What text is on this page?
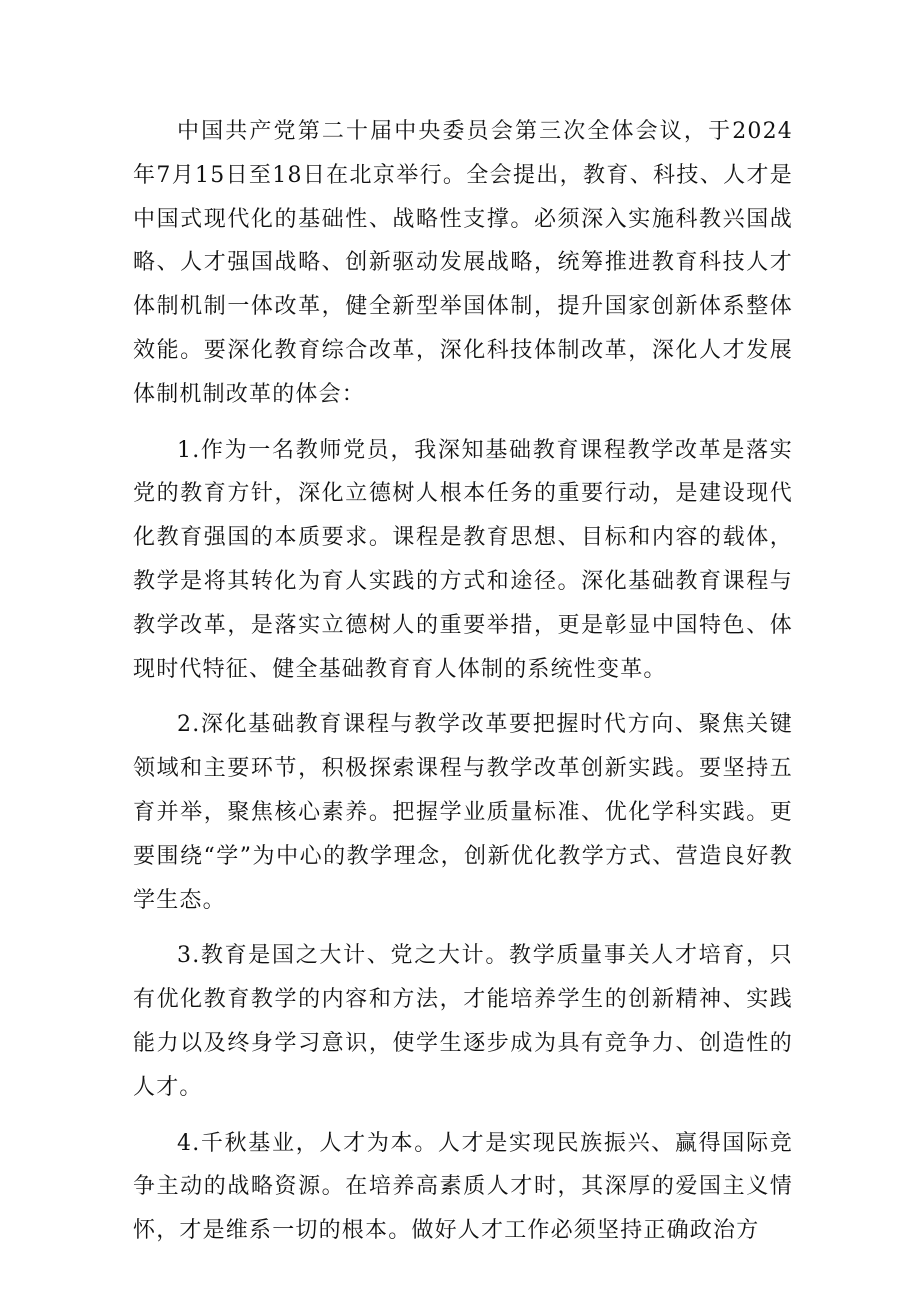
中国共产党第二十届中央委员会第三次全体会议，于2024年7月15日至18日在北京举行。全会提出，教育、科技、人才是中国式现代化的基础性、战略性支撑。必须深入实施科教兴国战略、人才强国战略、创新驱动发展战略，统筹推进教育科技人才体制机制一体改革，健全新型举国体制，提升国家创新体系整体效能。要深化教育综合改革，深化科技体制改革，深化人才发展体制机制改革的体会：

1.作为一名教师党员，我深知基础教育课程教学改革是落实党的教育方针，深化立德树人根本任务的重要行动，是建设现代化教育强国的本质要求。课程是教育思想、目标和内容的载体，教学是将其转化为育人实践的方式和途径。深化基础教育课程与教学改革，是落实立德树人的重要举措，更是彰显中国特色、体现时代特征、健全基础教育育人体制的系统性变革。

2.深化基础教育课程与教学改革要把握时代方向、聚焦关键领域和主要环节，积极探索课程与教学改革创新实践。要坚持五育并举，聚焦核心素养。把握学业质量标准、优化学科实践。更要围绕“学”为中心的教学理念，创新优化教学方式、营造良好教学生态。

3.教育是国之大计、党之大计。教学质量事关人才培育，只有优化教育教学的内容和方法，才能培养学生的创新精神、实践能力以及终身学习意识，使学生逐步成为具有竞争力、创造性的人才。

4.千秋基业，人才为本。人才是实现民族振兴、赢得国际竞争主动的战略资源。在培养高素质人才时，其深厚的爱国主义情怀，才是维系一切的根本。做好人才工作必须坚持正确政治方
